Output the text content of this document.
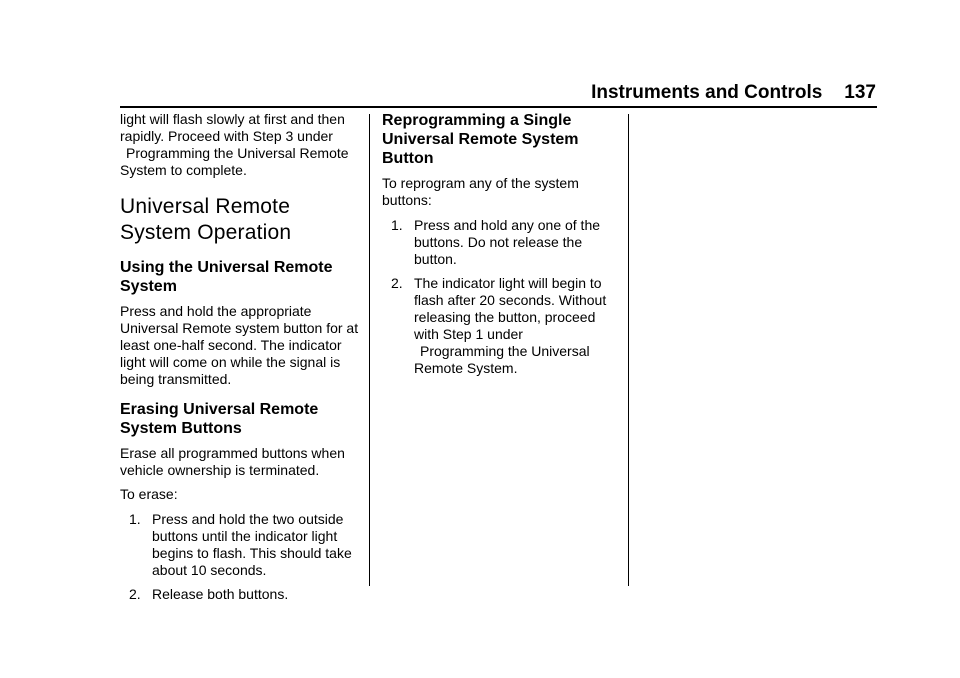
Instruments and Controls 137

light will flash slowly at first and then rapidly. Proceed with Step 3 under
Programming the Universal Remote
System to complete.

Universal Remote System Operation
Using the Universal Remote System

Press and hold the appropriate Universal Remote system button for at least one-half second. The indicator light will come on while the signal is being transmitted.

Erasing Universal Remote System Buttons

Erase all programmed buttons when vehicle ownership is terminated.

To erase:

1. Press and hold the two outside buttons until the indicator light begins to flash. This should take about 10 seconds.
2. Release both buttons.
Reprogramming a Single Universal Remote System Button

To reprogram any of the system buttons:

1. Press and hold any one of the buttons. Do not release the button.
2. The indicator light will begin to flash after 20 seconds. Without releasing the button, proceed with Step 1 under
Programming the Universal Remote System.
